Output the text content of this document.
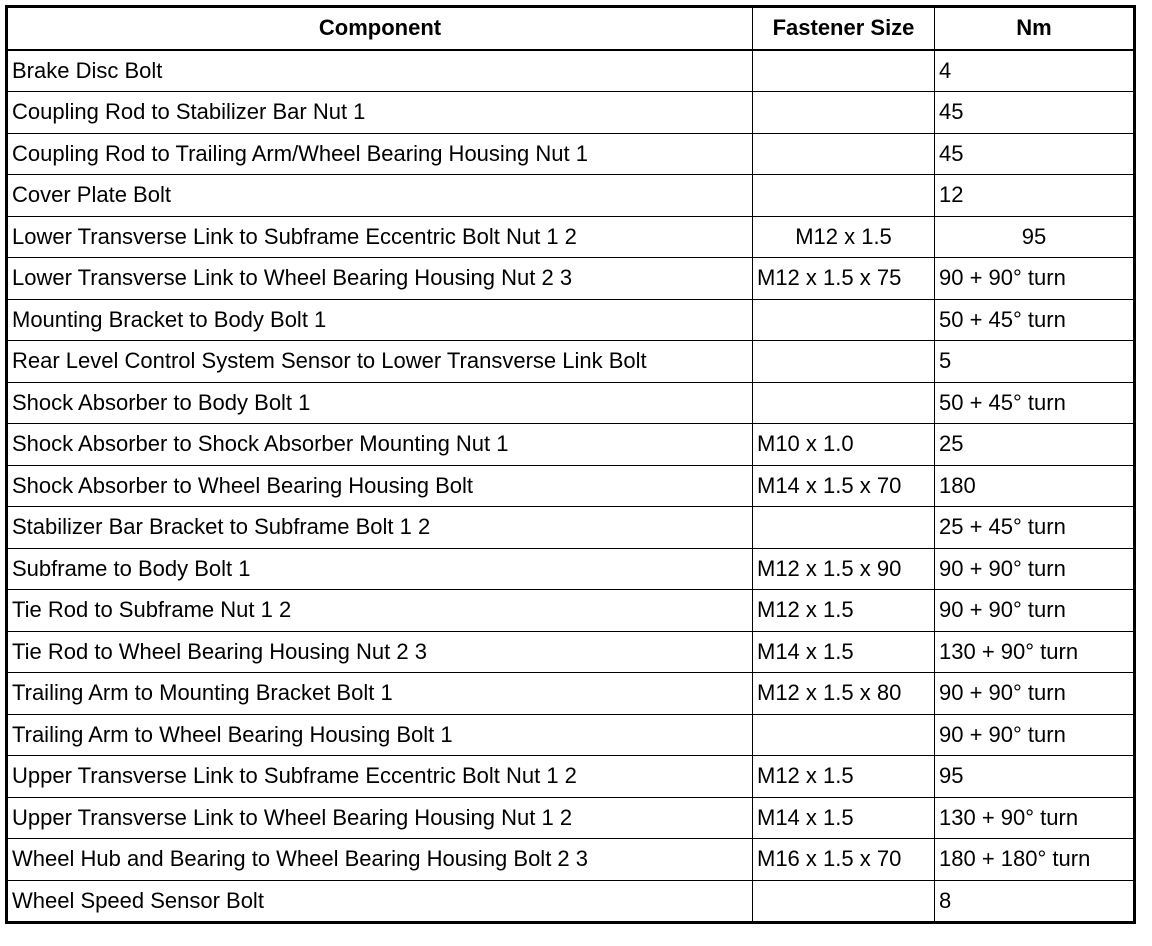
Component	Fastener Size	Nm
Brake Disc Bolt		4
Coupling Rod to Stabilizer Bar Nut 1		45
Coupling Rod to Trailing Arm/Wheel Bearing Housing Nut 1		45
Cover Plate Bolt		12
Lower Transverse Link to Subframe Eccentric Bolt Nut 1 2	M12 x 1.5	95
Lower Transverse Link to Wheel Bearing Housing Nut 2 3	M12 x 1.5 x 75	90 + 90° turn
Mounting Bracket to Body Bolt 1		50 + 45° turn
Rear Level Control System Sensor to Lower Transverse Link Bolt		5
Shock Absorber to Body Bolt 1		50 + 45° turn
Shock Absorber to Shock Absorber Mounting Nut 1	M10 x 1.0	25
Shock Absorber to Wheel Bearing Housing Bolt	M14 x 1.5 x 70	180
Stabilizer Bar Bracket to Subframe Bolt 1 2		25 + 45° turn
Subframe to Body Bolt 1	M12 x 1.5 x 90	90 + 90° turn
Tie Rod to Subframe Nut 1 2	M12 x 1.5	90 + 90° turn
Tie Rod to Wheel Bearing Housing Nut 2 3	M14 x 1.5	130 + 90° turn
Trailing Arm to Mounting Bracket Bolt 1	M12 x 1.5 x 80	90 + 90° turn
Trailing Arm to Wheel Bearing Housing Bolt 1		90 + 90° turn
Upper Transverse Link to Subframe Eccentric Bolt Nut 1 2	M12 x 1.5	95
Upper Transverse Link to Wheel Bearing Housing Nut 1 2	M14 x 1.5	130 + 90° turn
Wheel Hub and Bearing to Wheel Bearing Housing Bolt 2 3	M16 x 1.5 x 70	180 + 180° turn
Wheel Speed Sensor Bolt		8
